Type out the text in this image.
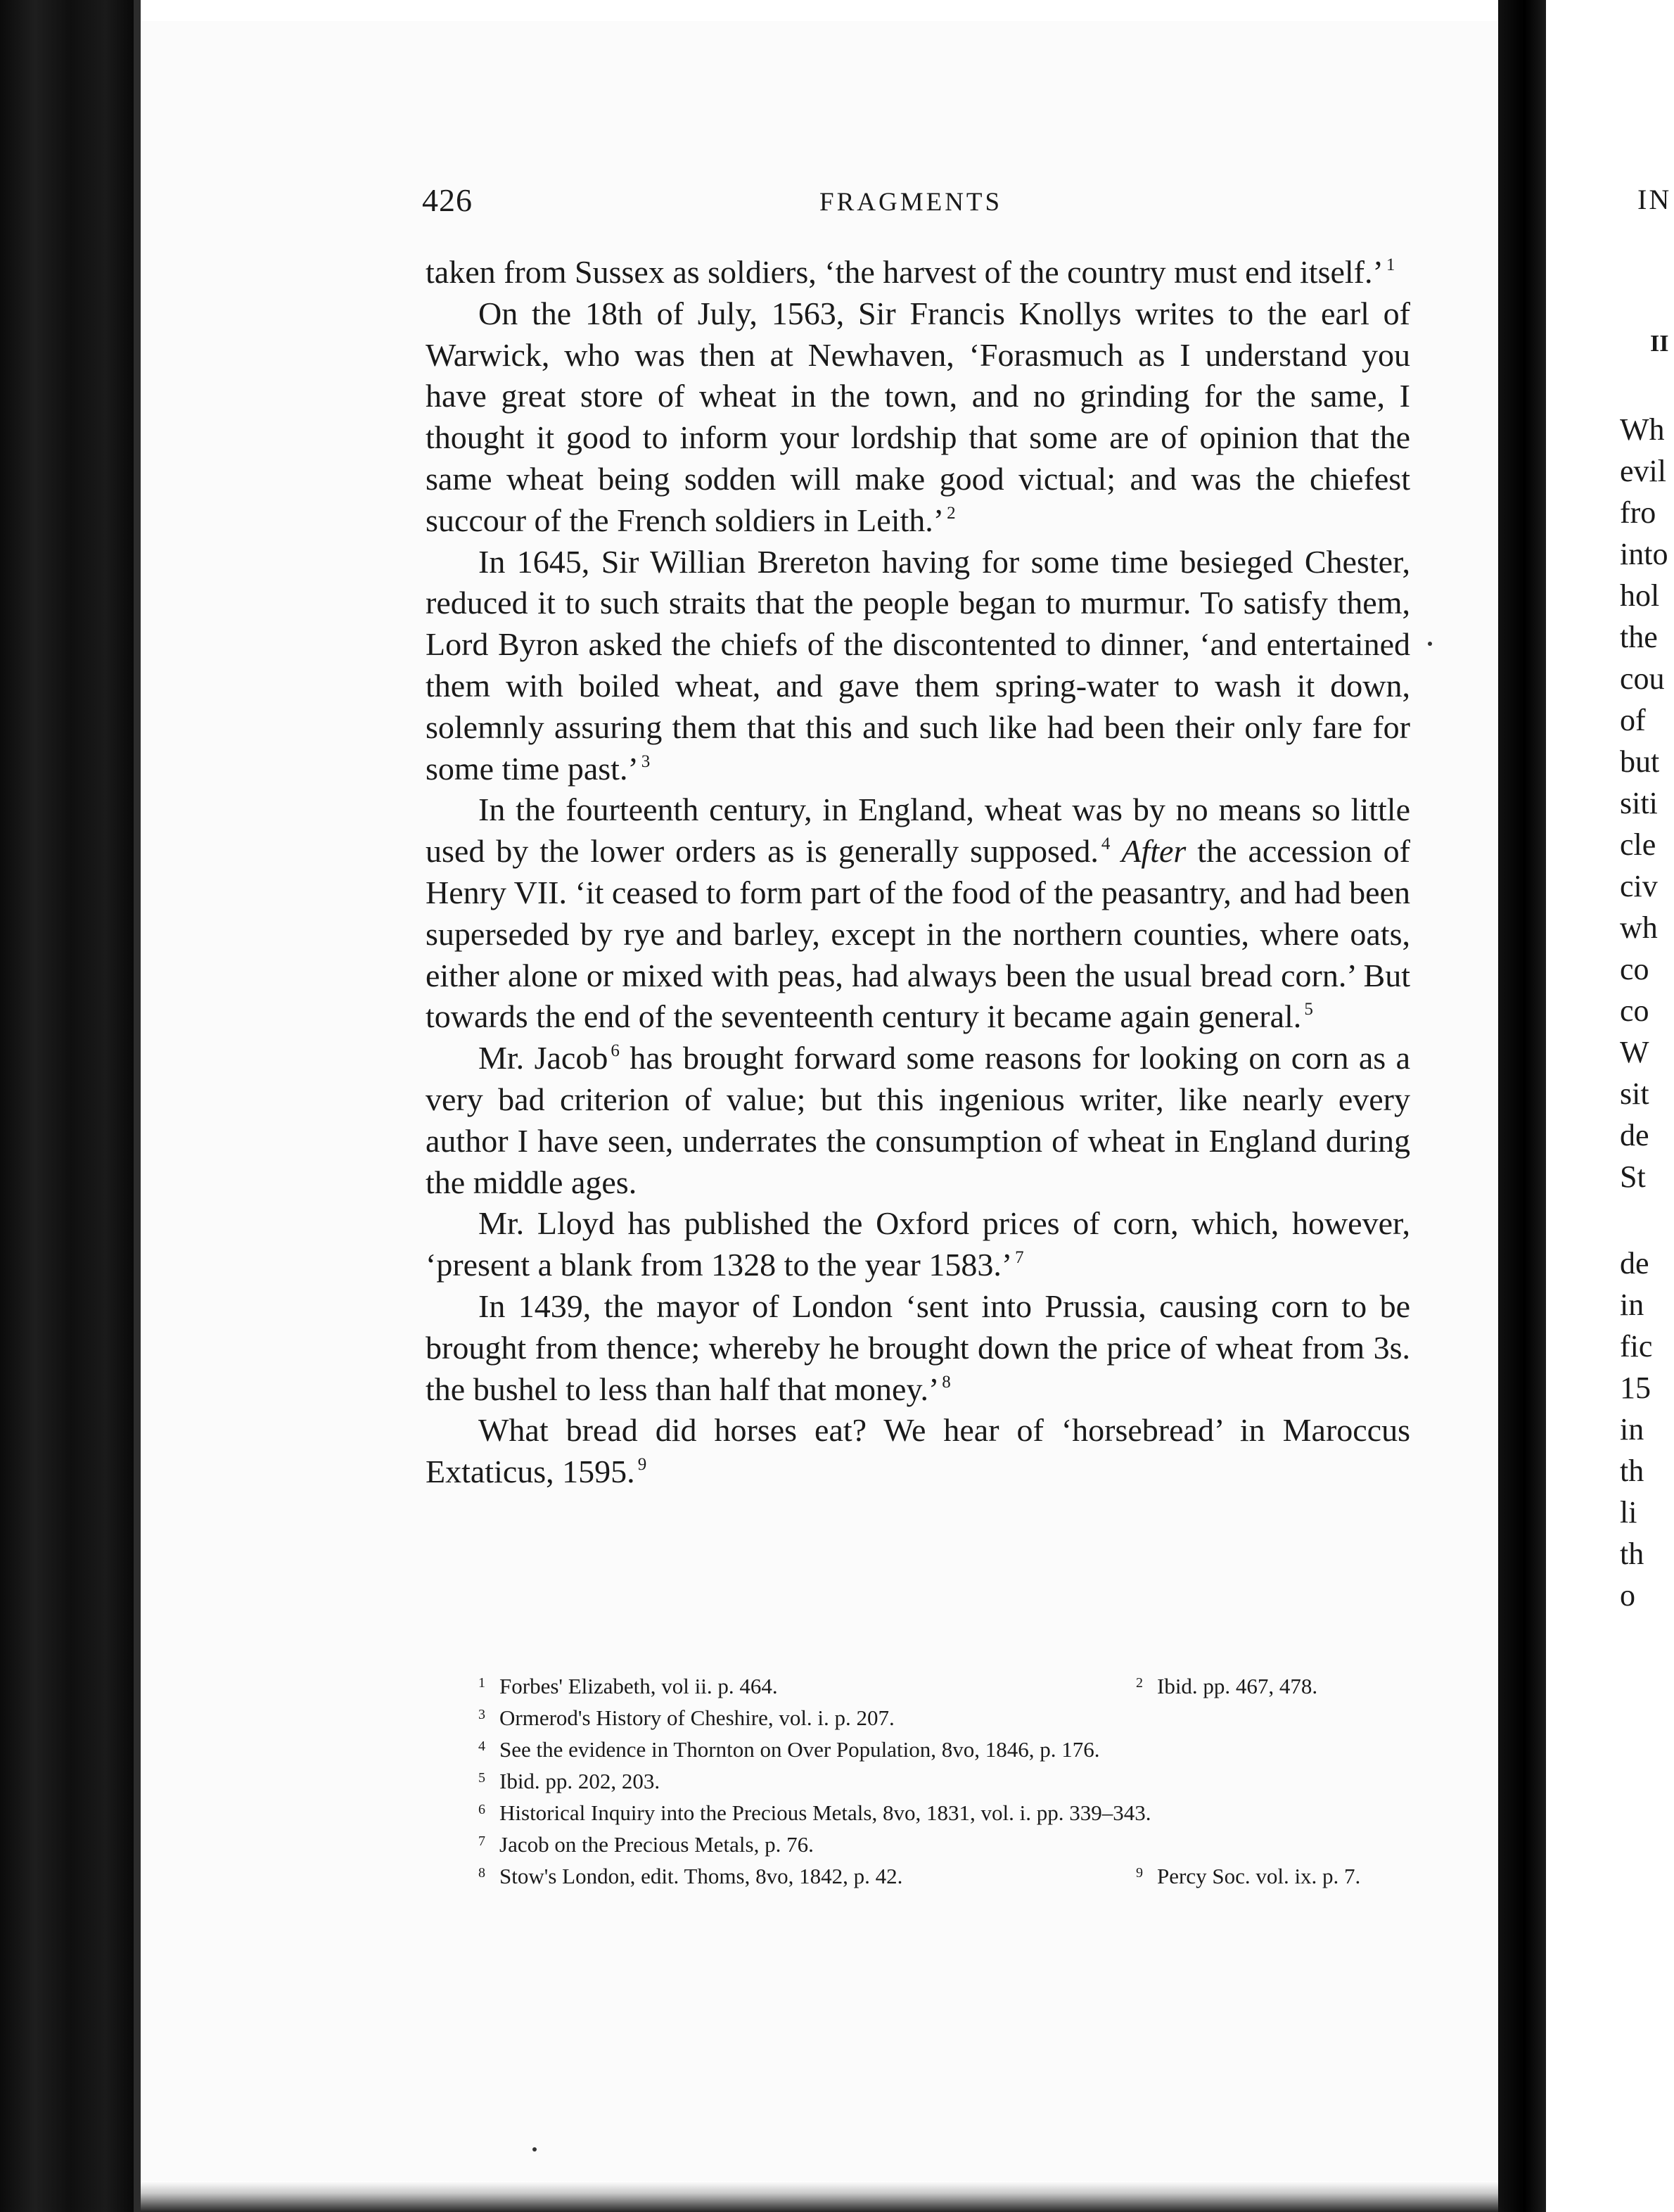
426	FRAGMENTS

taken from Sussex as soldiers, ‘the harvest of the country must end itself.’ $^1$

On the 18th of July, 1563, Sir Francis Knollys writes to the earl of Warwick, who was then at Newhaven, ‘Forasmuch as I understand you have great store of wheat in the town, and no grinding for the same, I thought it good to inform your lordship that some are of opinion that the same wheat being sodden will make good victual; and was the chiefest succour of the French soldiers in Leith.’ $^2$

In 1645, Sir Willian Brereton having for some time besieged Chester, reduced it to such straits that the people began to murmur. To satisfy them, Lord Byron asked the chiefs of the discontented to dinner, ‘and entertained them with boiled wheat, and gave them spring-water to wash it down, solemnly assuring them that this and such like had been their only fare for some time past.’ $^3$

In the fourteenth century, in England, wheat was by no means so little used by the lower orders as is generally supposed. $^4$ After the accession of Henry VII. ‘it ceased to form part of the food of the peasantry, and had been superseded by rye and barley, except in the northern counties, where oats, either alone or mixed with peas, had always been the usual bread corn.’ But towards the end of the seventeenth century it became again general. $^5$

Mr. Jacob $^6$ has brought forward some reasons for looking on corn as a very bad criterion of value; but this ingenious writer, like nearly every author I have seen, underrates the consumption of wheat in England during the middle ages.

Mr. Lloyd has published the Oxford prices of corn, which, however, ‘present a blank from 1328 to the year 1583.’ $^7$

In 1439, the mayor of London ‘sent into Prussia, causing corn to be brought from thence; whereby he brought down the price of wheat from 3s. the bushel to less than half that money.’ $^8$

What bread did horses eat? We hear of ‘horsebread’ in Maroccus Extaticus, 1595. $^9$

1 Forbes' Elizabeth, vol ii. p. 464.	2 Ibid. pp. 467, 478.
3 Ormerod's History of Cheshire, vol. i. p. 207.
4 See the evidence in Thornton on Over Population, 8vo, 1846, p. 176.
5 Ibid. pp. 202, 203.
6 Historical Inquiry into the Precious Metals, 8vo, 1831, vol. i. pp. 339–343.
7 Jacob on the Precious Metals, p. 76.
8 Stow's London, edit. Thoms, 8vo, 1842, p. 42.	9 Percy Soc. vol. ix. p. 7.
IN
II
Wh
evil
fro
into
hol
the
cou
of
but
siti
cle
civ
wh
co
co
W
sit
de
St
de
in
fic
15
in
th
li
th
o
